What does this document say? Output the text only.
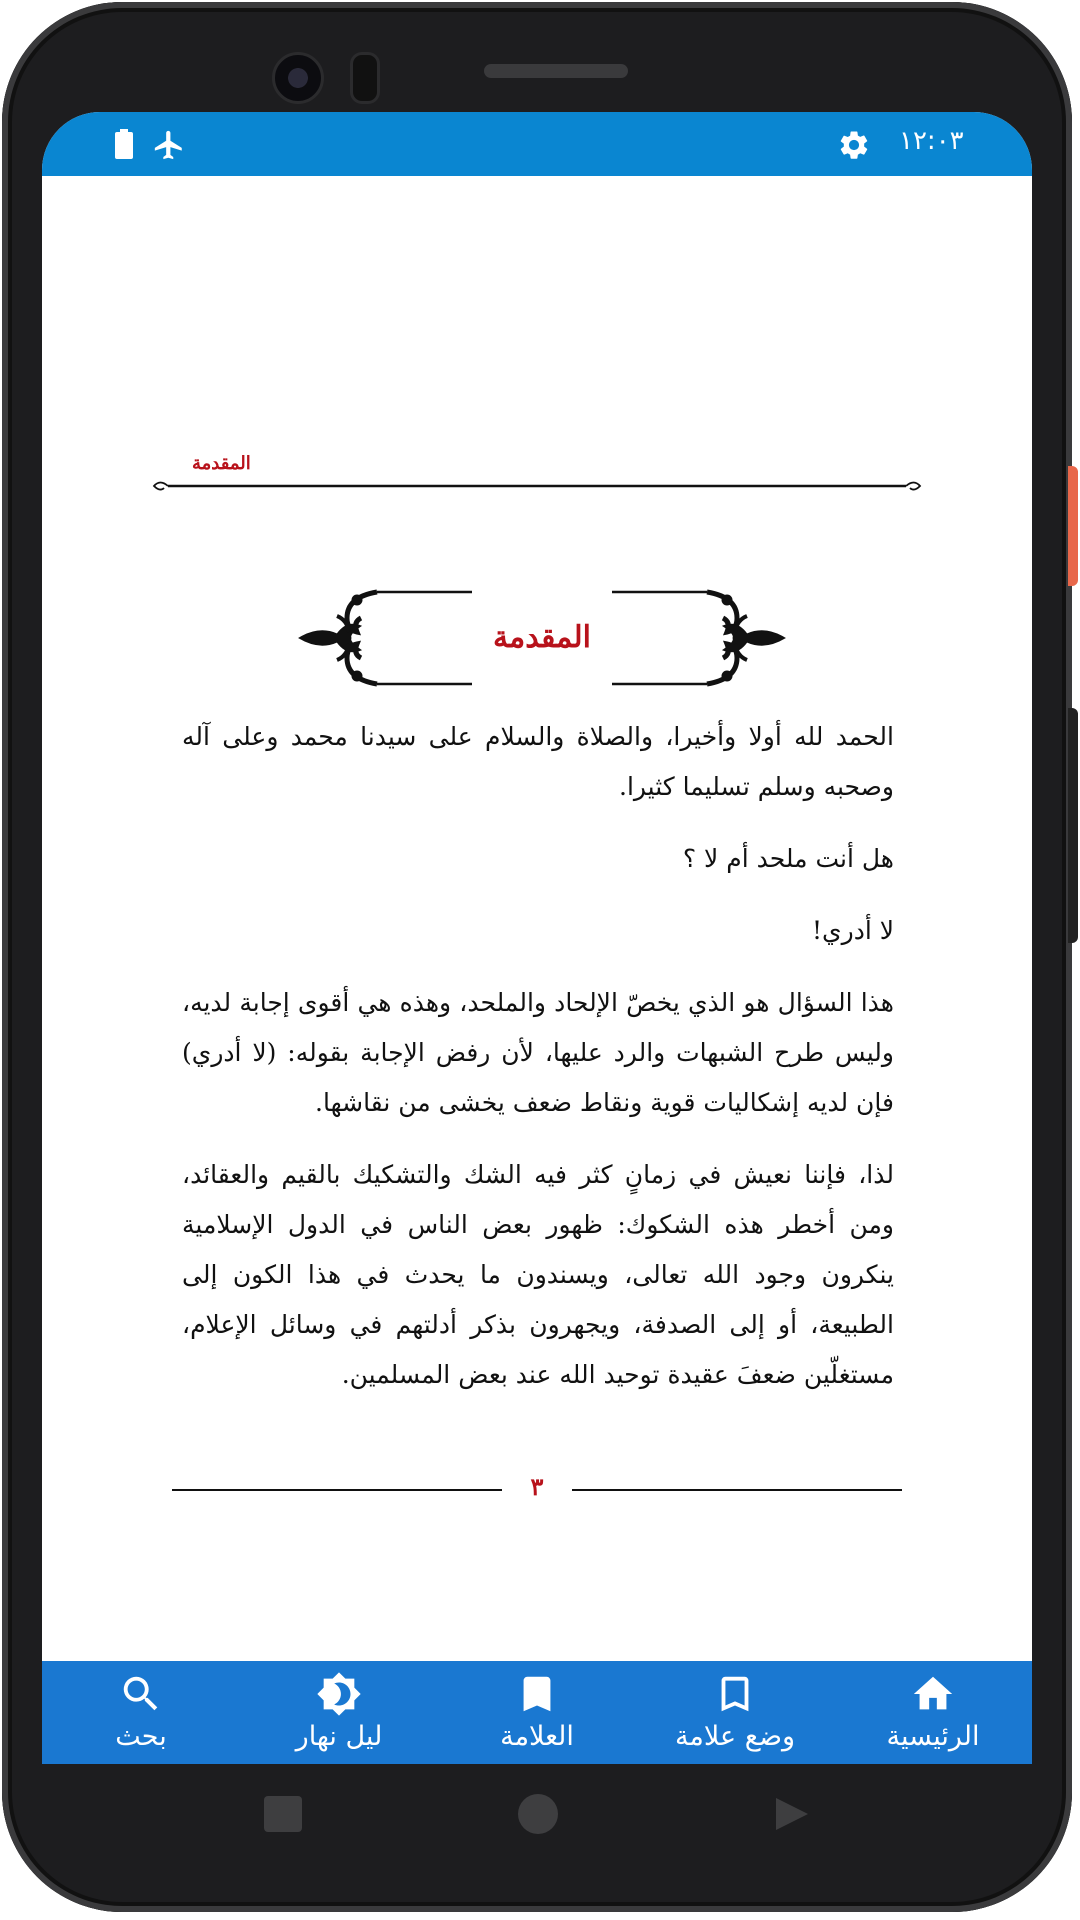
١٢:٠٣
المقدمة
المقدمة

الحمد لله أولا وأخيرا، والصلاة والسلام على سيدنا محمد وعلى آله وصحبه وسلم تسليما كثيرا.

هل أنت ملحد أم لا ؟

لا أدري!

هذا السؤال هو الذي يخصّ الإلحاد والملحد، وهذه هي أقوى إجابة لديه، وليس طرح الشبهات والرد عليها، لأن رفض الإجابة بقوله: (لا أدري) فإن لديه إشكاليات قوية ونقاط ضعف يخشى من نقاشها.

لذا، فإننا نعيش في زمانٍ كثر فيه الشك والتشكيك بالقيم والعقائد، ومن أخطر هذه الشكوك: ظهور بعض الناس في الدول الإسلامية ينكرون وجود الله تعالى، ويسندون ما يحدث في هذا الكون إلى الطبيعة، أو إلى الصدفة، ويجهرون بذكر أدلتهم في وسائل الإعلام، مستغلّين ضعفَ عقيدة توحيد الله عند بعض المسلمين.

٣
الرئيسية
وضع علامة
العلامة
ليل نهار
بحث
